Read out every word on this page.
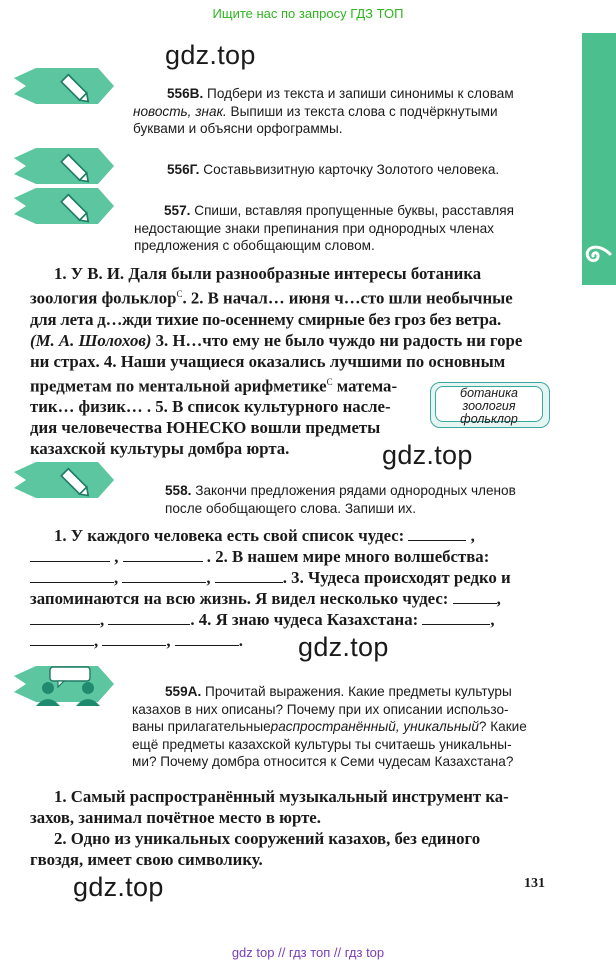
Ищите нас по запросу ГДЗ ТОП
gdz.top
gdz.top
gdz.top
gdz.top
556В. Подбери из текста и запиши синонимы к словам
новость, знак. Выпиши из текста слова с подчёркнутыми
буквами и объясни орфограммы.
556Г. Составьвизитную карточку Золотого человека.
557. Спиши, вставляя пропущенные буквы, расставляя
недостающие знаки препинания при однородных членах
предложения с обобщающим словом.
1. У В. И. Даля были разнообразные интересы ботаника
зоология фольклор$^C$. 2. В начал… июня ч…сто шли необычные
для лета д…жди тихие по-осеннему смирные без гроз без ветра.
(М. А. Шолохов) 3. Н…что ему не было чуждо ни радость ни горе
ни страх. 4. Наши учащиеся оказались лучшими по основным
предметам по ментальной арифметике$^C$ матема-
тик… физик… . 5. В список культурного насле-
дия человечества ЮНЕСКО вошли предметы
казахской культуры домбра юрта.
ботаника
зоология
фольклор
558. Закончи предложения рядами однородных членов
после обобщающего слова. Запиши их.
1. У каждого человека есть свой список чудес:	,
,	. 2. В нашем мире много волшебства:
,	,	. 3. Чудеса происходят редко и
запоминаются на всю жизнь. Я видел несколько чудес:	,
,	. 4. Я знаю чудеса Казахстана:	,
,	,	.
559А. Прочитай выражения. Какие предметы культуры
казахов в них описаны? Почему при их описании использо-
ваны прилагательныераспространённый, уникальный? Какие
ещё предметы казахской культуры ты считаешь уникальны-
ми? Почему домбра относится к Семи чудесам Казахстана?
1. Самый распространённый музыкальный инструмент ка-
захов, занимал почётное место в юрте.
2. Одно из уникальных сооружений казахов, без единого
гвоздя, имеет свою символику.
131
gdz top // гдз топ // гдз top
